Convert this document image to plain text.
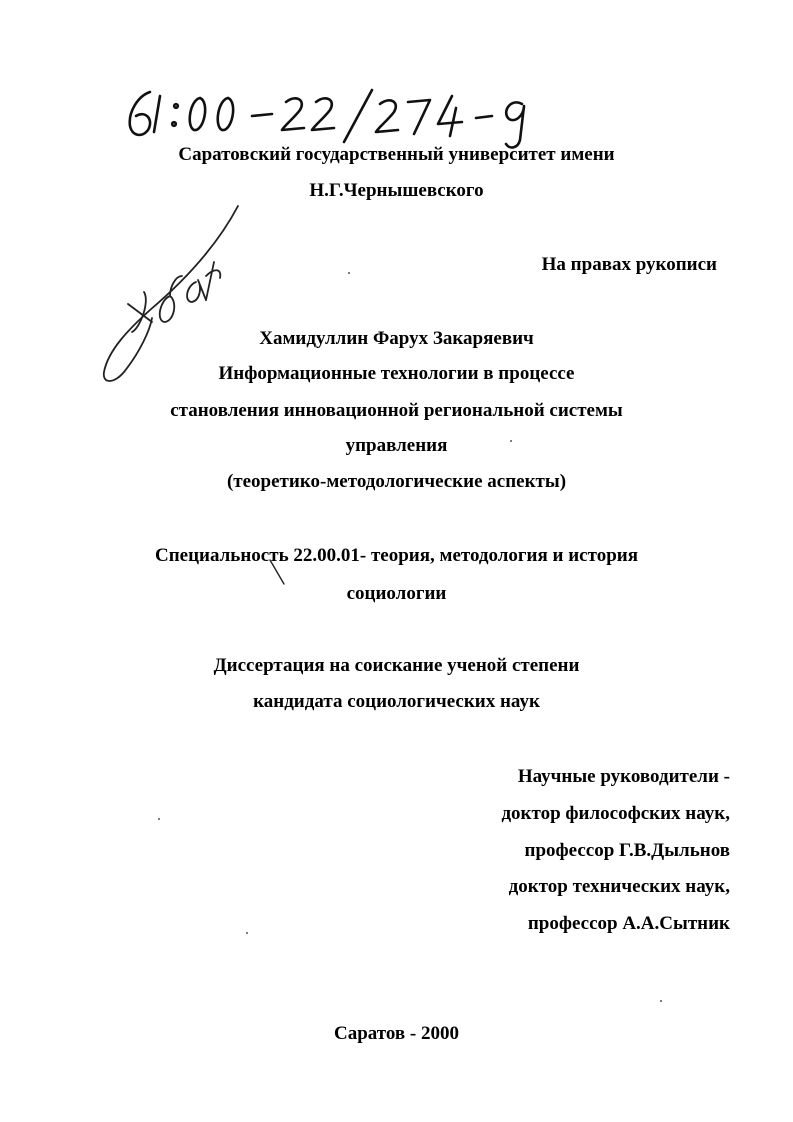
Саратовский государственный университет имени
Н.Г.Чернышевского
На правах рукописи
Хамидуллин Фарух Закаряевич
Информационные технологии в процессе
становления инновационной региональной системы
управления
(теоретико-методологические аспекты)
Специальность 22.00.01- теория, методология и история
социологии
Диссертация на соискание ученой степени
кандидата социологических наук
Научные руководители -
доктор философских наук,
профессор Г.В.Дыльнов
доктор технических наук,
профессор А.А.Сытник
Саратов - 2000
